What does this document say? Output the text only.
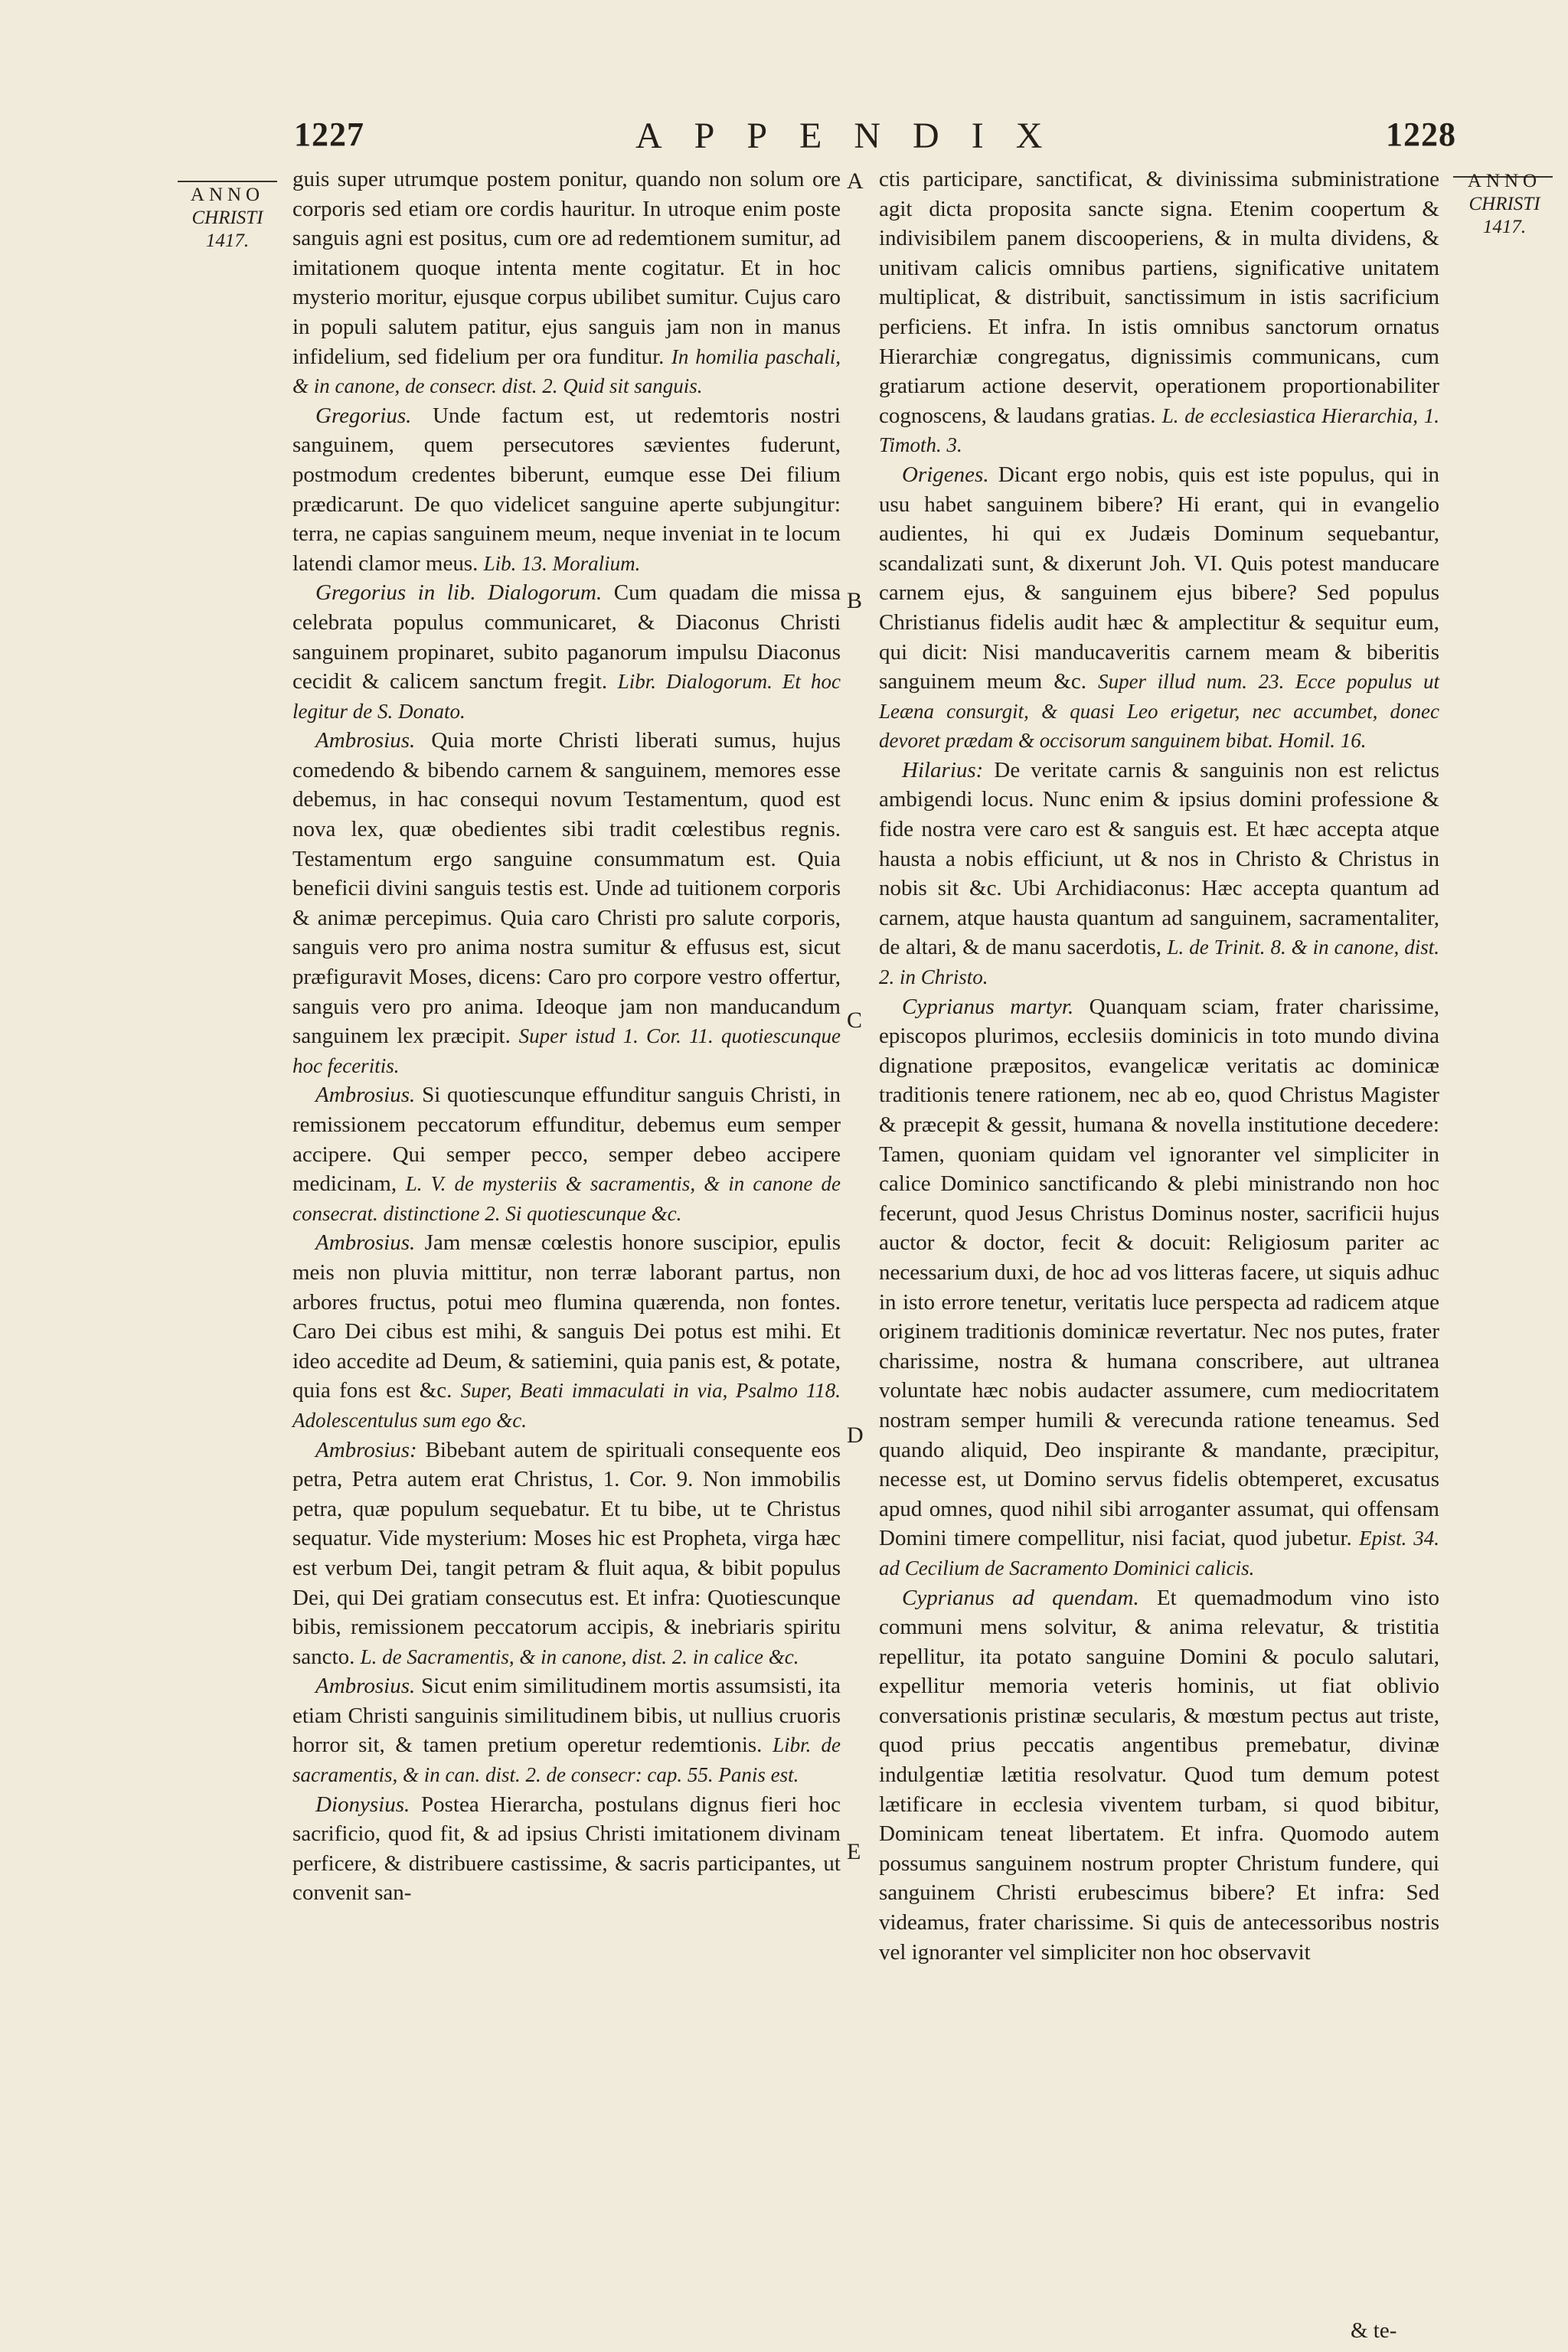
1227	APPENDIX	1228
ANNO
CHRISTI
1417.
ANNO
CHRISTI
1417.
A
B
C
D
E

guis super utrumque postem ponitur, quando non solum ore corporis sed etiam ore cordis hauritur. In utroque enim poste sanguis agni est positus, cum ore ad redemtionem sumitur, ad imitationem quoque intenta mente cogitatur. Et in hoc mysterio moritur, ejusque corpus ubilibet sumitur. Cujus caro in populi salutem patitur, ejus sanguis jam non in manus infidelium, sed fidelium per ora funditur. In homilia paschali, & in canone, de consecr. dist. 2. Quid sit sanguis.

Gregorius. Unde factum est, ut redemtoris nostri sanguinem, quem persecutores sævientes fuderunt, postmodum credentes biberunt, eumque esse Dei filium prædicarunt. De quo videlicet sanguine aperte subjungitur: terra, ne capias sanguinem meum, neque inveniat in te locum latendi clamor meus. Lib. 13. Moralium.

Gregorius in lib. Dialogorum. Cum quadam die missa celebrata populus communicaret, & Diaconus Christi sanguinem propinaret, subito paganorum impulsu Diaconus cecidit & calicem sanctum fregit. Libr. Dialogorum. Et hoc legitur de S. Donato.

Ambrosius. Quia morte Christi liberati sumus, hujus comedendo & bibendo carnem & sanguinem, memores esse debemus, in hac consequi novum Testamentum, quod est nova lex, quæ obedientes sibi tradit cœlestibus regnis. Testamentum ergo sanguine consummatum est. Quia beneficii divini sanguis testis est. Unde ad tuitionem corporis & animæ percepimus. Quia caro Christi pro salute corporis, sanguis vero pro anima nostra sumitur & effusus est, sicut præfiguravit Moses, dicens: Caro pro corpore vestro offertur, sanguis vero pro anima. Ideoque jam non manducandum sanguinem lex præcipit. Super istud 1. Cor. 11. quotiescunque hoc feceritis.

Ambrosius. Si quotiescunque effunditur sanguis Christi, in remissionem peccatorum effunditur, debemus eum semper accipere. Qui semper pecco, semper debeo accipere medicinam, L. V. de mysteriis & sacramentis, & in canone de consecrat. distinctione 2. Si quotiescunque &c.

Ambrosius. Jam mensæ cœlestis honore suscipior, epulis meis non pluvia mittitur, non terræ laborant partus, non arbores fructus, potui meo flumina quærenda, non fontes. Caro Dei cibus est mihi, & sanguis Dei potus est mihi. Et ideo accedite ad Deum, & satiemini, quia panis est, & potate, quia fons est &c. Super, Beati immaculati in via, Psalmo 118. Adolescentulus sum ego &c.

Ambrosius: Bibebant autem de spirituali consequente eos petra, Petra autem erat Christus, 1. Cor. 9. Non immobilis petra, quæ populum sequebatur. Et tu bibe, ut te Christus sequatur. Vide mysterium: Moses hic est Propheta, virga hæc est verbum Dei, tangit petram & fluit aqua, & bibit populus Dei, qui Dei gratiam consecutus est. Et infra: Quotiescunque bibis, remissionem peccatorum accipis, & inebriaris spiritu sancto. L. de Sacramentis, & in canone, dist. 2. in calice &c.

Ambrosius. Sicut enim similitudinem mortis assumsisti, ita etiam Christi sanguinis similitudinem bibis, ut nullius cruoris horror sit, & tamen pretium operetur redemtionis. Libr. de sacramentis, & in can. dist. 2. de consecr: cap. 55. Panis est.

Dionysius. Postea Hierarcha, postulans dignus fieri hoc sacrificio, quod fit, & ad ipsius Christi imitationem divinam perficere, & distribuere castissime, & sacris participantes, ut convenit san-

ctis participare, sanctificat, & divinissima subministratione agit dicta proposita sancte signa. Etenim coopertum & indivisibilem panem discooperiens, & in multa dividens, & unitivam calicis omnibus partiens, significative unitatem multiplicat, & distribuit, sanctissimum in istis sacrificium perficiens. Et infra. In istis omnibus sanctorum ornatus Hierarchiæ congregatus, dignissimis communicans, cum gratiarum actione deservit, operationem proportionabiliter cognoscens, & laudans gratias. L. de ecclesiastica Hierarchia, 1. Timoth. 3.

Origenes. Dicant ergo nobis, quis est iste populus, qui in usu habet sanguinem bibere? Hi erant, qui in evangelio audientes, hi qui ex Judæis Dominum sequebantur, scandalizati sunt, & dixerunt Joh. VI. Quis potest manducare carnem ejus, & sanguinem ejus bibere? Sed populus Christianus fidelis audit hæc & amplectitur & sequitur eum, qui dicit: Nisi manducaveritis carnem meam & biberitis sanguinem meum &c. Super illud num. 23. Ecce populus ut Leæna consurgit, & quasi Leo erigetur, nec accumbet, donec devoret prædam & occisorum sanguinem bibat. Homil. 16.

Hilarius: De veritate carnis & sanguinis non est relictus ambigendi locus. Nunc enim & ipsius domini professione & fide nostra vere caro est & sanguis est. Et hæc accepta atque hausta a nobis efficiunt, ut & nos in Christo & Christus in nobis sit &c. Ubi Archidiaconus: Hæc accepta quantum ad carnem, atque hausta quantum ad sanguinem, sacramentaliter, de altari, & de manu sacerdotis, L. de Trinit. 8. & in canone, dist. 2. in Christo.

Cyprianus martyr. Quanquam sciam, frater charissime, episcopos plurimos, ecclesiis dominicis in toto mundo divina dignatione præpositos, evangelicæ veritatis ac dominicæ traditionis tenere rationem, nec ab eo, quod Christus Magister & præcepit & gessit, humana & novella institutione decedere: Tamen, quoniam quidam vel ignoranter vel simpliciter in calice Dominico sanctificando & plebi ministrando non hoc fecerunt, quod Jesus Christus Dominus noster, sacrificii hujus auctor & doctor, fecit & docuit: Religiosum pariter ac necessarium duxi, de hoc ad vos litteras facere, ut siquis adhuc in isto errore tenetur, veritatis luce perspecta ad radicem atque originem traditionis dominicæ revertatur. Nec nos putes, frater charissime, nostra & humana conscribere, aut ultranea voluntate hæc nobis audacter assumere, cum mediocritatem nostram semper humili & verecunda ratione teneamus. Sed quando aliquid, Deo inspirante & mandante, præcipitur, necesse est, ut Domino servus fidelis obtemperet, excusatus apud omnes, quod nihil sibi arroganter assumat, qui offensam Domini timere compellitur, nisi faciat, quod jubetur. Epist. 34. ad Cecilium de Sacramento Dominici calicis.

Cyprianus ad quendam. Et quemadmodum vino isto communi mens solvitur, & anima relevatur, & tristitia repellitur, ita potato sanguine Domini & poculo salutari, expellitur memoria veteris hominis, ut fiat oblivio conversationis pristinæ secularis, & mœstum pectus aut triste, quod prius peccatis angentibus premebatur, divinæ indulgentiæ lætitia resolvatur. Quod tum demum potest lætificare in ecclesia viventem turbam, si quod bibitur, Dominicam teneat libertatem. Et infra. Quomodo autem possumus sanguinem nostrum propter Christum fundere, qui sanguinem Christi erubescimus bibere? Et infra: Sed videamus, frater charissime. Si quis de antecessoribus nostris vel ignoranter vel simpliciter non hoc observavit

& te-
